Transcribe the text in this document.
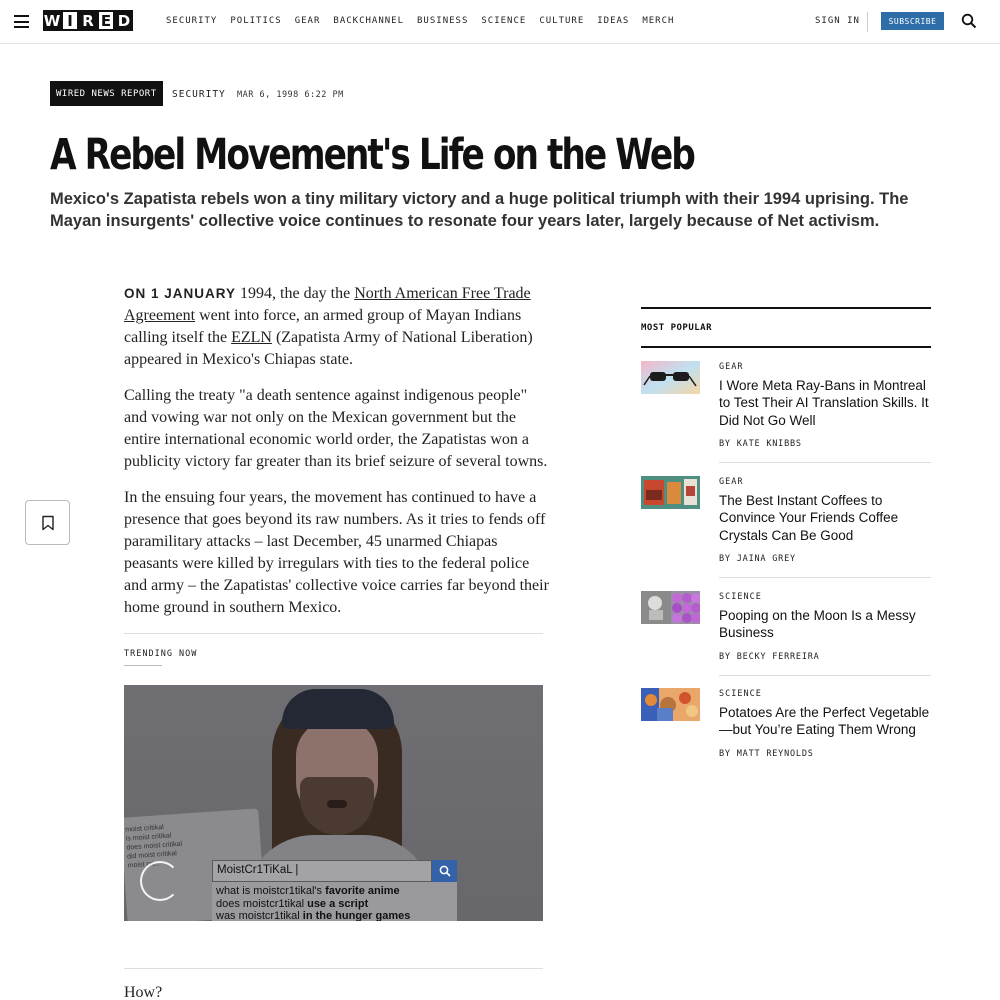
W I R E D	SECURITY POLITICS GEAR BACKCHANNEL BUSINESS SCIENCE CULTURE IDEAS MERCH	SIGN IN	SUBSCRIBE
WIRED NEWS REPORT	SECURITY MAR 6, 1998 6:22 PM
A Rebel Movement's Life on the Web

Mexico's Zapatista rebels won a tiny military victory and a huge political triumph with their 1994 uprising. The Mayan insurgents' collective voice continues to resonate four years later, largely because of Net activism.

ON 1 JANUARY 1994, the day the North American Free Trade Agreement went into force, an armed group of Mayan Indians calling itself the EZLN (Zapatista Army of National Liberation) appeared in Mexico's Chiapas state.

Calling the treaty "a death sentence against indigenous people" and vowing war not only on the Mexican government but the entire international economic world order, the Zapatistas won a publicity victory far greater than its brief seizure of several towns.

In the ensuing four years, the movement has continued to have a presence that goes beyond its raw numbers. As it tries to fends off paramilitary attacks – last December, 45 unarmed Chiapas peasants were killed by irregulars with ties to the federal police and army – the Zapatistas' collective voice carries far beyond their home ground in southern Mexico.

TRENDING NOW
moist critikal
is moist critikal
does moist critikal
did moist critikal
moist cri...	MoistCr1TiKaL |
what is moistcr1tikal's favorite anime
does moistcr1tikal use a script
was moistcr1tikal in the hunger games
How?
MOST POPULAR
GEAR
I Wore Meta Ray-Bans in Montreal to Test Their AI Translation Skills. It Did Not Go Well
BY KATE KNIBBS
GEAR
The Best Instant Coffees to Convince Your Friends Coffee Crystals Can Be Good
BY JAINA GREY
SCIENCE
Pooping on the Moon Is a Messy Business
BY BECKY FERREIRA
SCIENCE
Potatoes Are the Perfect Vegetable—but You’re Eating Them Wrong
BY MATT REYNOLDS
